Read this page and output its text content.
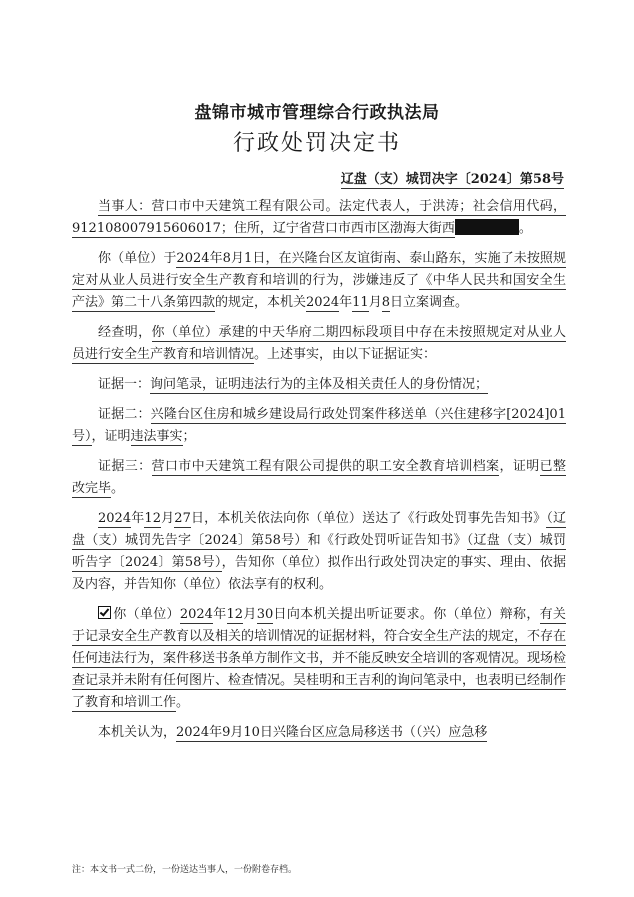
盘锦市城市管理综合行政执法局
行政处罚决定书
辽盘（支）城罚决字〔2024〕第58号

当事人：营口市中天建筑工程有限公司。法定代表人，于洪涛；社会信用代码，912108007915606017；住所，辽宁省营口市西市区渤海大街西	。

你（单位）于2024年8月1日，在兴隆台区友谊街南、泰山路东，实施了未按照规定对从业人员进行安全生产教育和培训的行为，涉嫌违反了《中华人民共和国安全生产法》第二十八条第四款的规定，本机关2024年11月8日立案调查。

经查明，你（单位）承建的中天华府二期四标段项目中存在未按照规定对从业人员进行安全生产教育和培训情况。上述事实，由以下证据证实：

证据一：询问笔录，证明违法行为的主体及相关责任人的身份情况；

证据二：兴隆台区住房和城乡建设局行政处罚案件移送单（兴住建移字[2024]01号），证明违法事实；

证据三：营口市中天建筑工程有限公司提供的职工安全教育培训档案，证明已整改完毕。

2024年12月27日，本机关依法向你（单位）送达了《行政处罚事先告知书》（辽盘（支）城罚先告字〔2024〕第58号）和《行政处罚听证告知书》（辽盘（支）城罚听告字〔2024〕第58号），告知你（单位）拟作出行政处罚决定的事实、理由、依据及内容，并告知你（单位）依法享有的权利。

你（单位）2024年12月30日向本机关提出听证要求。你（单位）辩称，有关于记录安全生产教育以及相关的培训情况的证据材料，符合安全生产法的规定，不存在任何违法行为，案件移送书条单方制作文书，并不能反映安全培训的客观情况。现场检查记录并未附有任何图片、检查情况。吴桂明和王吉利的询问笔录中，也表明已经制作了教育和培训工作。

本机关认为，2024年9月10日兴隆台区应急局移送书（（兴）应急移

注：本文书一式二份，一份送达当事人，一份附卷存档。
